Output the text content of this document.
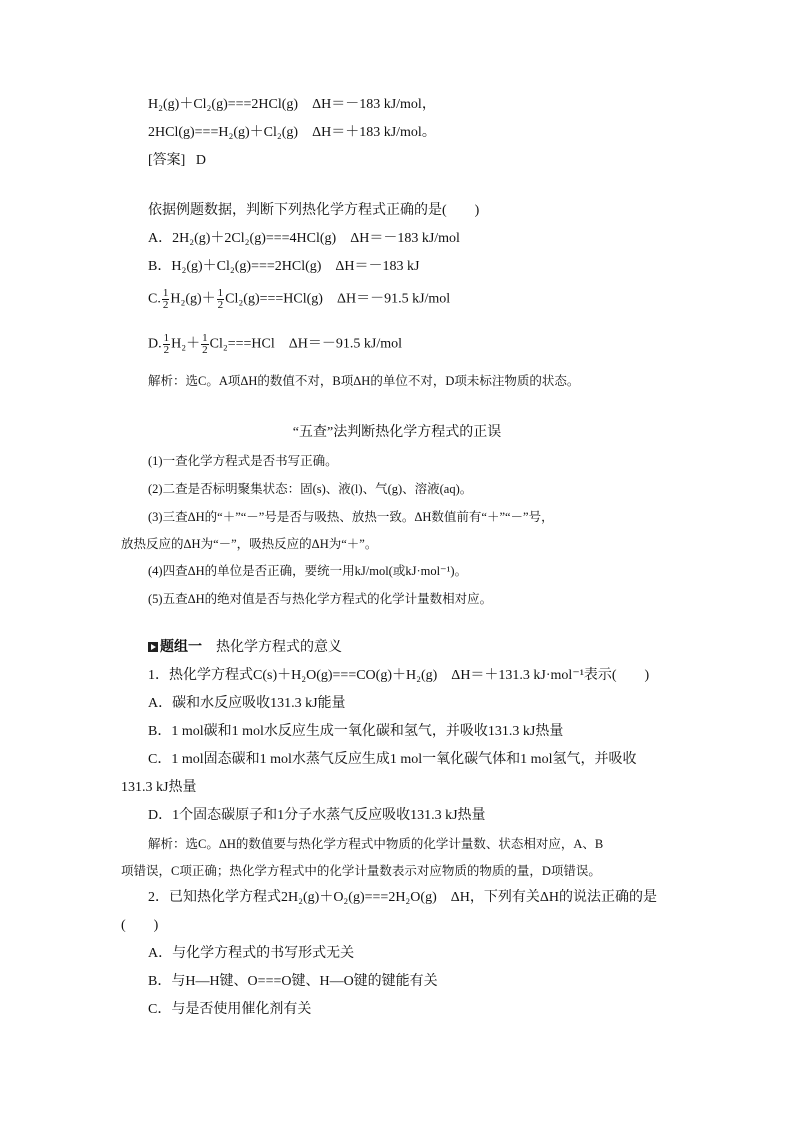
H₂(g)＋Cl₂(g)===2HCl(g)　ΔH＝－183 kJ/mol，
2HCl(g)===H₂(g)＋Cl₂(g)　ΔH＝＋183 kJ/mol。
[答案] D
依据例题数据，判断下列热化学方程式正确的是(　　)
A．2H₂(g)＋2Cl₂(g)===4HCl(g)　ΔH＝－183 kJ/mol
B．H₂(g)＋Cl₂(g)===2HCl(g)　ΔH＝－183 kJ
C. $\frac{1}{2} H_2(g)+ \frac{1}{2} Cl_2(g)===HCl(g)$　ΔH＝－91.5 kJ/mol
D. $\frac{1}{2} H_2+ \frac{1}{2} Cl_2===HCl$　ΔH＝－91.5 kJ/mol
解析：选C。A项ΔH的数值不对，B项ΔH的单位不对，D项未标注物质的状态。
“五查”法判断热化学方程式的正误
(1)一查化学方程式是否书写正确。
(2)二查是否标明聚集状态：固(s)、液(l)、气(g)、溶液(aq)。
(3)三查ΔH的“＋”“－”号是否与吸热、放热一致。ΔH数值前有“＋”“－”号，
放热反应的ΔH为“－”，吸热反应的ΔH为“＋”。
(4)四查ΔH的单位是否正确，要统一用kJ/mol(或kJ·mol⁻¹)。
(5)五查ΔH的绝对值是否与热化学方程式的化学计量数相对应。
题组一　热化学方程式的意义
1．热化学方程式C(s)＋H₂O(g)===CO(g)＋H₂(g)　ΔH＝＋131.3 kJ·mol⁻¹表示(　　)
A．碳和水反应吸收131.3 kJ能量
B．1 mol碳和1 mol水反应生成一氧化碳和氢气，并吸收131.3 kJ热量
C．1 mol固态碳和1 mol水蒸气反应生成1 mol一氧化碳气体和1 mol氢气，并吸收
131.3 kJ热量
D．1个固态碳原子和1分子水蒸气反应吸收131.3 kJ热量
解析：选C。ΔH的数值要与热化学方程式中物质的化学计量数、状态相对应，A、B
项错误，C项正确；热化学方程式中的化学计量数表示对应物质的物质的量，D项错误。
2．已知热化学方程式2H₂(g)＋O₂(g)===2H₂O(g)　ΔH，下列有关ΔH的说法正确的是
(　　)
A．与化学方程式的书写形式无关
B．与H—H键、O===O键、H—O键的键能有关
C．与是否使用催化剂有关
